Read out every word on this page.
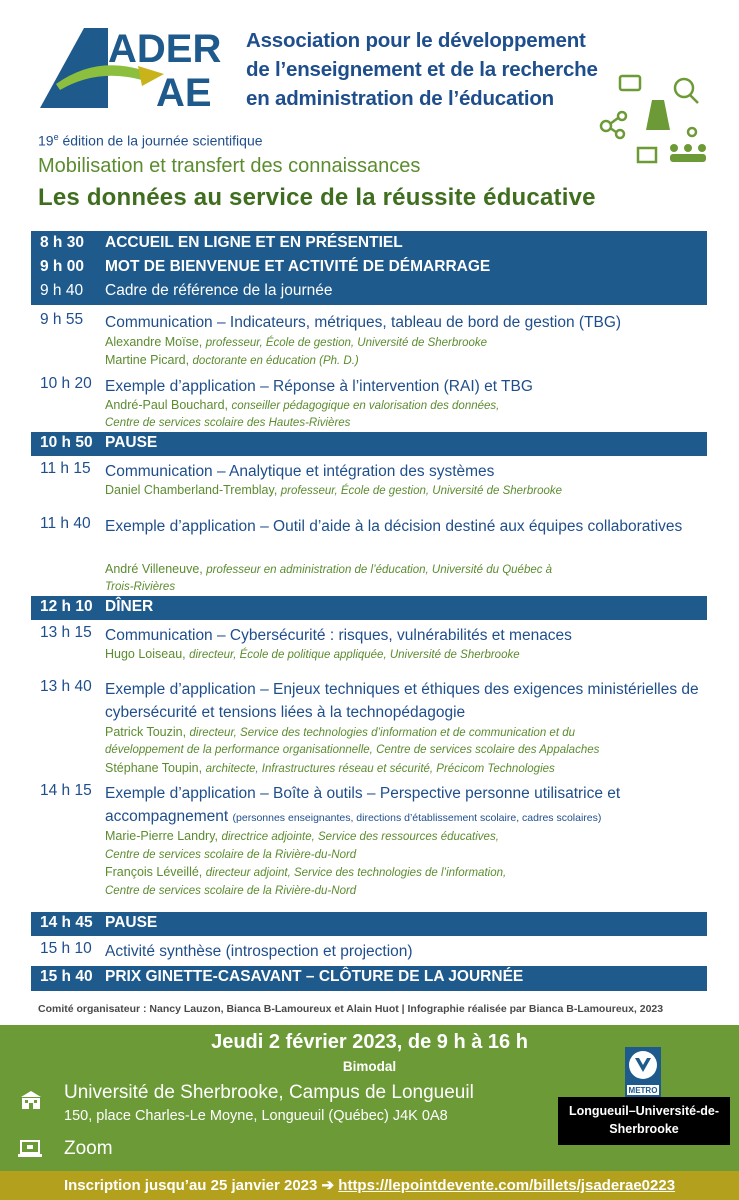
ADER
AE
Association pour le développement
de l’enseignement et de la recherche
en administration de l’éducation
19e édition de la journée scientifique
Mobilisation et transfert des connaissances
Les données au service de la réussite éducative
8 h 30 ACCUEIL EN LIGNE ET EN PRÉSENTIEL
9 h 00 MOT DE BIENVENUE ET ACTIVITÉ DE DÉMARRAGE
9 h 40 Cadre de référence de la journée
9 h 55 Communication – Indicateurs, métriques, tableau de bord de gestion (TBG)
Alexandre Moïse, professeur, École de gestion, Université de Sherbrooke
Martine Picard, doctorante en éducation (Ph. D.)
10 h 20 Exemple d’application – Réponse à l’intervention (RAI) et TBG
André-Paul Bouchard, conseiller pédagogique en valorisation des données,
Centre de services scolaire des Hautes-Rivières
10 h 50 PAUSE
11 h 15 Communication – Analytique et intégration des systèmes
Daniel Chamberland-Tremblay, professeur, École de gestion, Université de Sherbrooke
11 h 40 Exemple d’application – Outil d’aide à la décision destiné aux équipes collaboratives
André Villeneuve, professeur en administration de l’éducation, Université du Québec à
Trois-Rivières
12 h 10 DÎNER
13 h 15 Communication – Cybersécurité : risques, vulnérabilités et menaces
Hugo Loiseau, directeur, École de politique appliquée, Université de Sherbrooke
13 h 40 Exemple d’application – Enjeux techniques et éthiques des exigences ministérielles de cybersécurité et tensions liées à la technopédagogie
Patrick Touzin, directeur, Service des technologies d’information et de communication et du
développement de la performance organisationnelle, Centre de services scolaire des Appalaches
Stéphane Toupin, architecte, Infrastructures réseau et sécurité, Précicom Technologies
14 h 15 Exemple d’application – Boîte à outils – Perspective personne utilisatrice et accompagnement (personnes enseignantes, directions d’établissement scolaire, cadres scolaires)
Marie-Pierre Landry, directrice adjointe, Service des ressources éducatives,
Centre de services scolaire de la Rivière-du-Nord
François Léveillé, directeur adjoint, Service des technologies de l’information,
Centre de services scolaire de la Rivière-du-Nord
14 h 45 PAUSE
15 h 10 Activité synthèse (introspection et projection)
15 h 40 PRIX GINETTE-CASAVANT – CLÔTURE DE LA JOURNÉE
Comité organisateur : Nancy Lauzon, Bianca B-Lamoureux et Alain Huot | Infographie réalisée par Bianca B-Lamoureux, 2023
Jeudi 2 février 2023, de 9 h à 16 h
Bimodal
Université de Sherbrooke, Campus de Longueuil
150, place Charles-Le Moyne, Longueuil (Québec) J4K 0A8
Zoom
METRO
Longueuil–Université-de-Sherbrooke
Inscription jusqu’au 25 janvier 2023 ➔ https://lepointdevente.com/billets/jsaderae0223
